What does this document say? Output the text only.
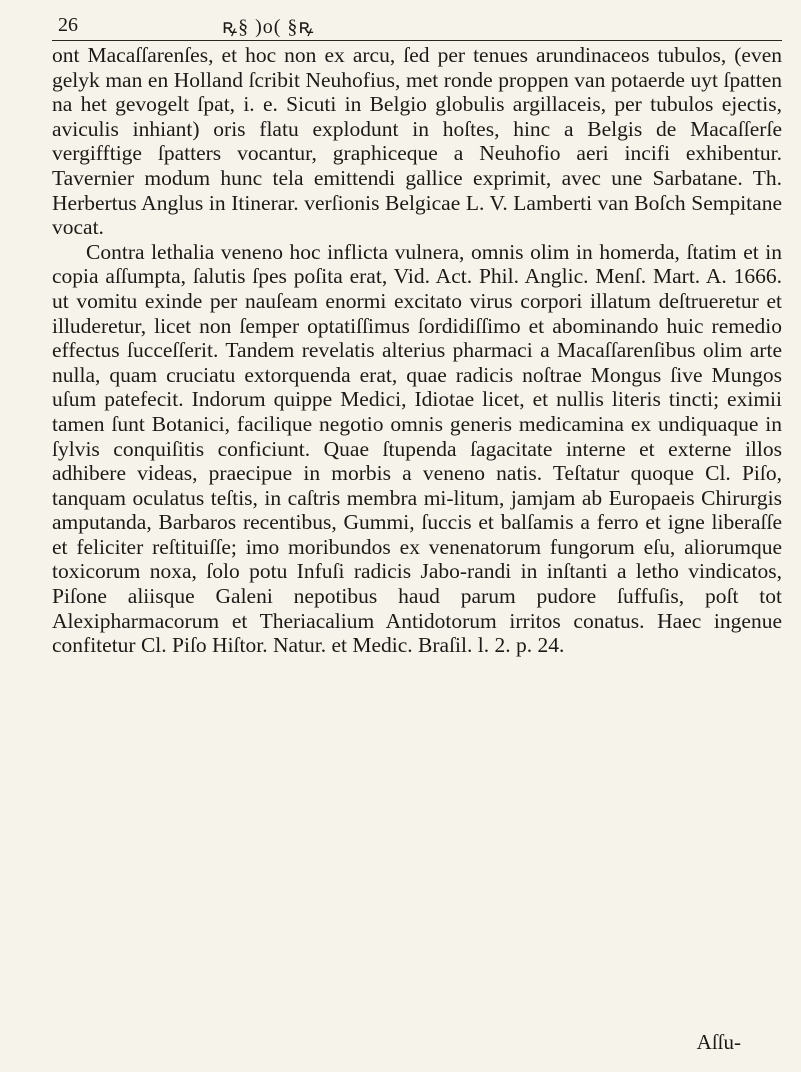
26	ꝶ§ )o( §ꝶ

ont Macaſſarenſes, et hoc non ex arcu, ſed per tenues arundinaceos tubulos, (even gelyk man en Holland ſcribit Neuhofius, met ronde proppen van potaerde uyt ſpatten na het gevogelt ſpat, i. e. Sicuti in Belgio globulis argillaceis, per tubulos ejectis, aviculis inhiant) oris flatu explodunt in hoſtes, hinc a Belgis de Macaſſerſe vergifftige ſpatters vocantur, graphiceque a Neuhofio aeri incifi exhibentur. Tavernier modum hunc tela emittendi gallice exprimit, avec une Sarbatane. Th. Herbertus Anglus in Itinerar. verſionis Belgicae L. V. Lamberti van Boſch Sempitane vocat.

Contra lethalia veneno hoc inflicta vulnera, omnis olim in homerda, ſtatim et in copia aſſumpta, ſalutis ſpes poſita erat, Vid. Act. Phil. Anglic. Menſ. Mart. A. 1666. ut vomitu exinde per nauſeam enormi excitato virus corpori illatum deſtrueretur et illuderetur, licet non ſemper optatiſſimus ſordidiſſimo et abominando huic remedio effectus ſucceſſerit. Tandem revelatis alterius pharmaci a Macaſſarenſibus olim arte nulla, quam cruciatu extorquenda erat, quae radicis noſtrae Mongus ſive Mungos uſum patefecit. Indorum quippe Medici, Idiotae licet, et nullis literis tincti; eximii tamen ſunt Botanici, facilique negotio omnis generis medicamina ex undiquaque in ſylvis conquiſitis conficiunt. Quae ſtupenda ſagacitate interne et externe illos adhibere videas, praecipue in morbis a veneno natis. Teſtatur quoque Cl. Piſo, tanquam oculatus teſtis, in caſtris membra mi-litum, jamjam ab Europaeis Chirurgis amputanda, Barbaros recentibus, Gummi, ſuccis et balſamis a ferro et igne liberaſſe et feliciter reſtituiſſe; imo moribundos ex venenatorum fungorum eſu, aliorumque toxicorum noxa, ſolo potu Infuſi radicis Jabo-randi in inſtanti a letho vindicatos, Piſone aliisque Galeni nepotibus haud parum pudore ſuffuſis, poſt tot Alexipharmacorum et Theriacalium Antidotorum irritos conatus. Haec ingenue confitetur Cl. Piſo Hiſtor. Natur. et Medic. Braſil. l. 2. p. 24.

Aſſu-
